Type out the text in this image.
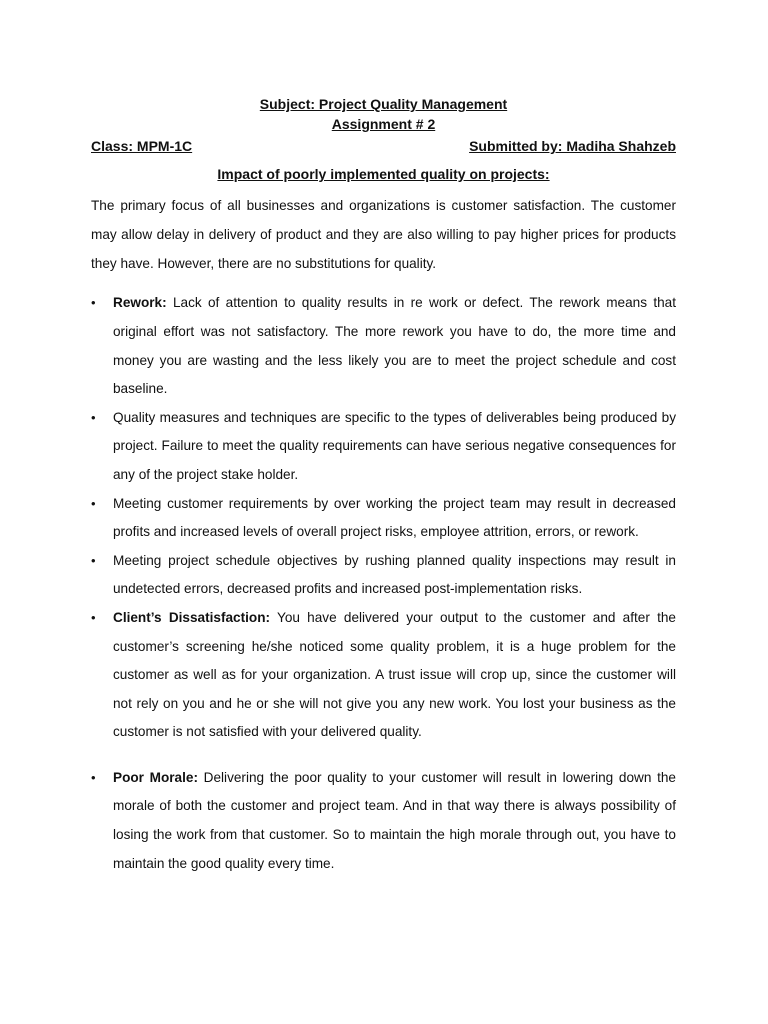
Subject: Project Quality Management

Assignment # 2

Class: MPM-1C	Submitted by: Madiha Shahzeb

Impact of poorly implemented quality on projects:

The primary focus of all businesses and organizations is customer satisfaction. The customer may allow delay in delivery of product and they are also willing to pay higher prices for products they have. However, there are no substitutions for quality.

• Rework: Lack of attention to quality results in re work or defect. The rework means that original effort was not satisfactory. The more rework you have to do, the more time and money you are wasting and the less likely you are to meet the project schedule and cost baseline.
• Quality measures and techniques are specific to the types of deliverables being produced by project. Failure to meet the quality requirements can have serious negative consequences for any of the project stake holder.
• Meeting customer requirements by over working the project team may result in decreased profits and increased levels of overall project risks, employee attrition, errors, or rework.
• Meeting project schedule objectives by rushing planned quality inspections may result in undetected errors, decreased profits and increased post-implementation risks.
• Client’s Dissatisfaction: You have delivered your output to the customer and after the customer’s screening he/she noticed some quality problem, it is a huge problem for the customer as well as for your organization. A trust issue will crop up, since the customer will not rely on you and he or she will not give you any new work. You lost your business as the customer is not satisfied with your delivered quality.
• Poor Morale: Delivering the poor quality to your customer will result in lowering down the morale of both the customer and project team. And in that way there is always possibility of losing the work from that customer. So to maintain the high morale through out, you have to maintain the good quality every time.
